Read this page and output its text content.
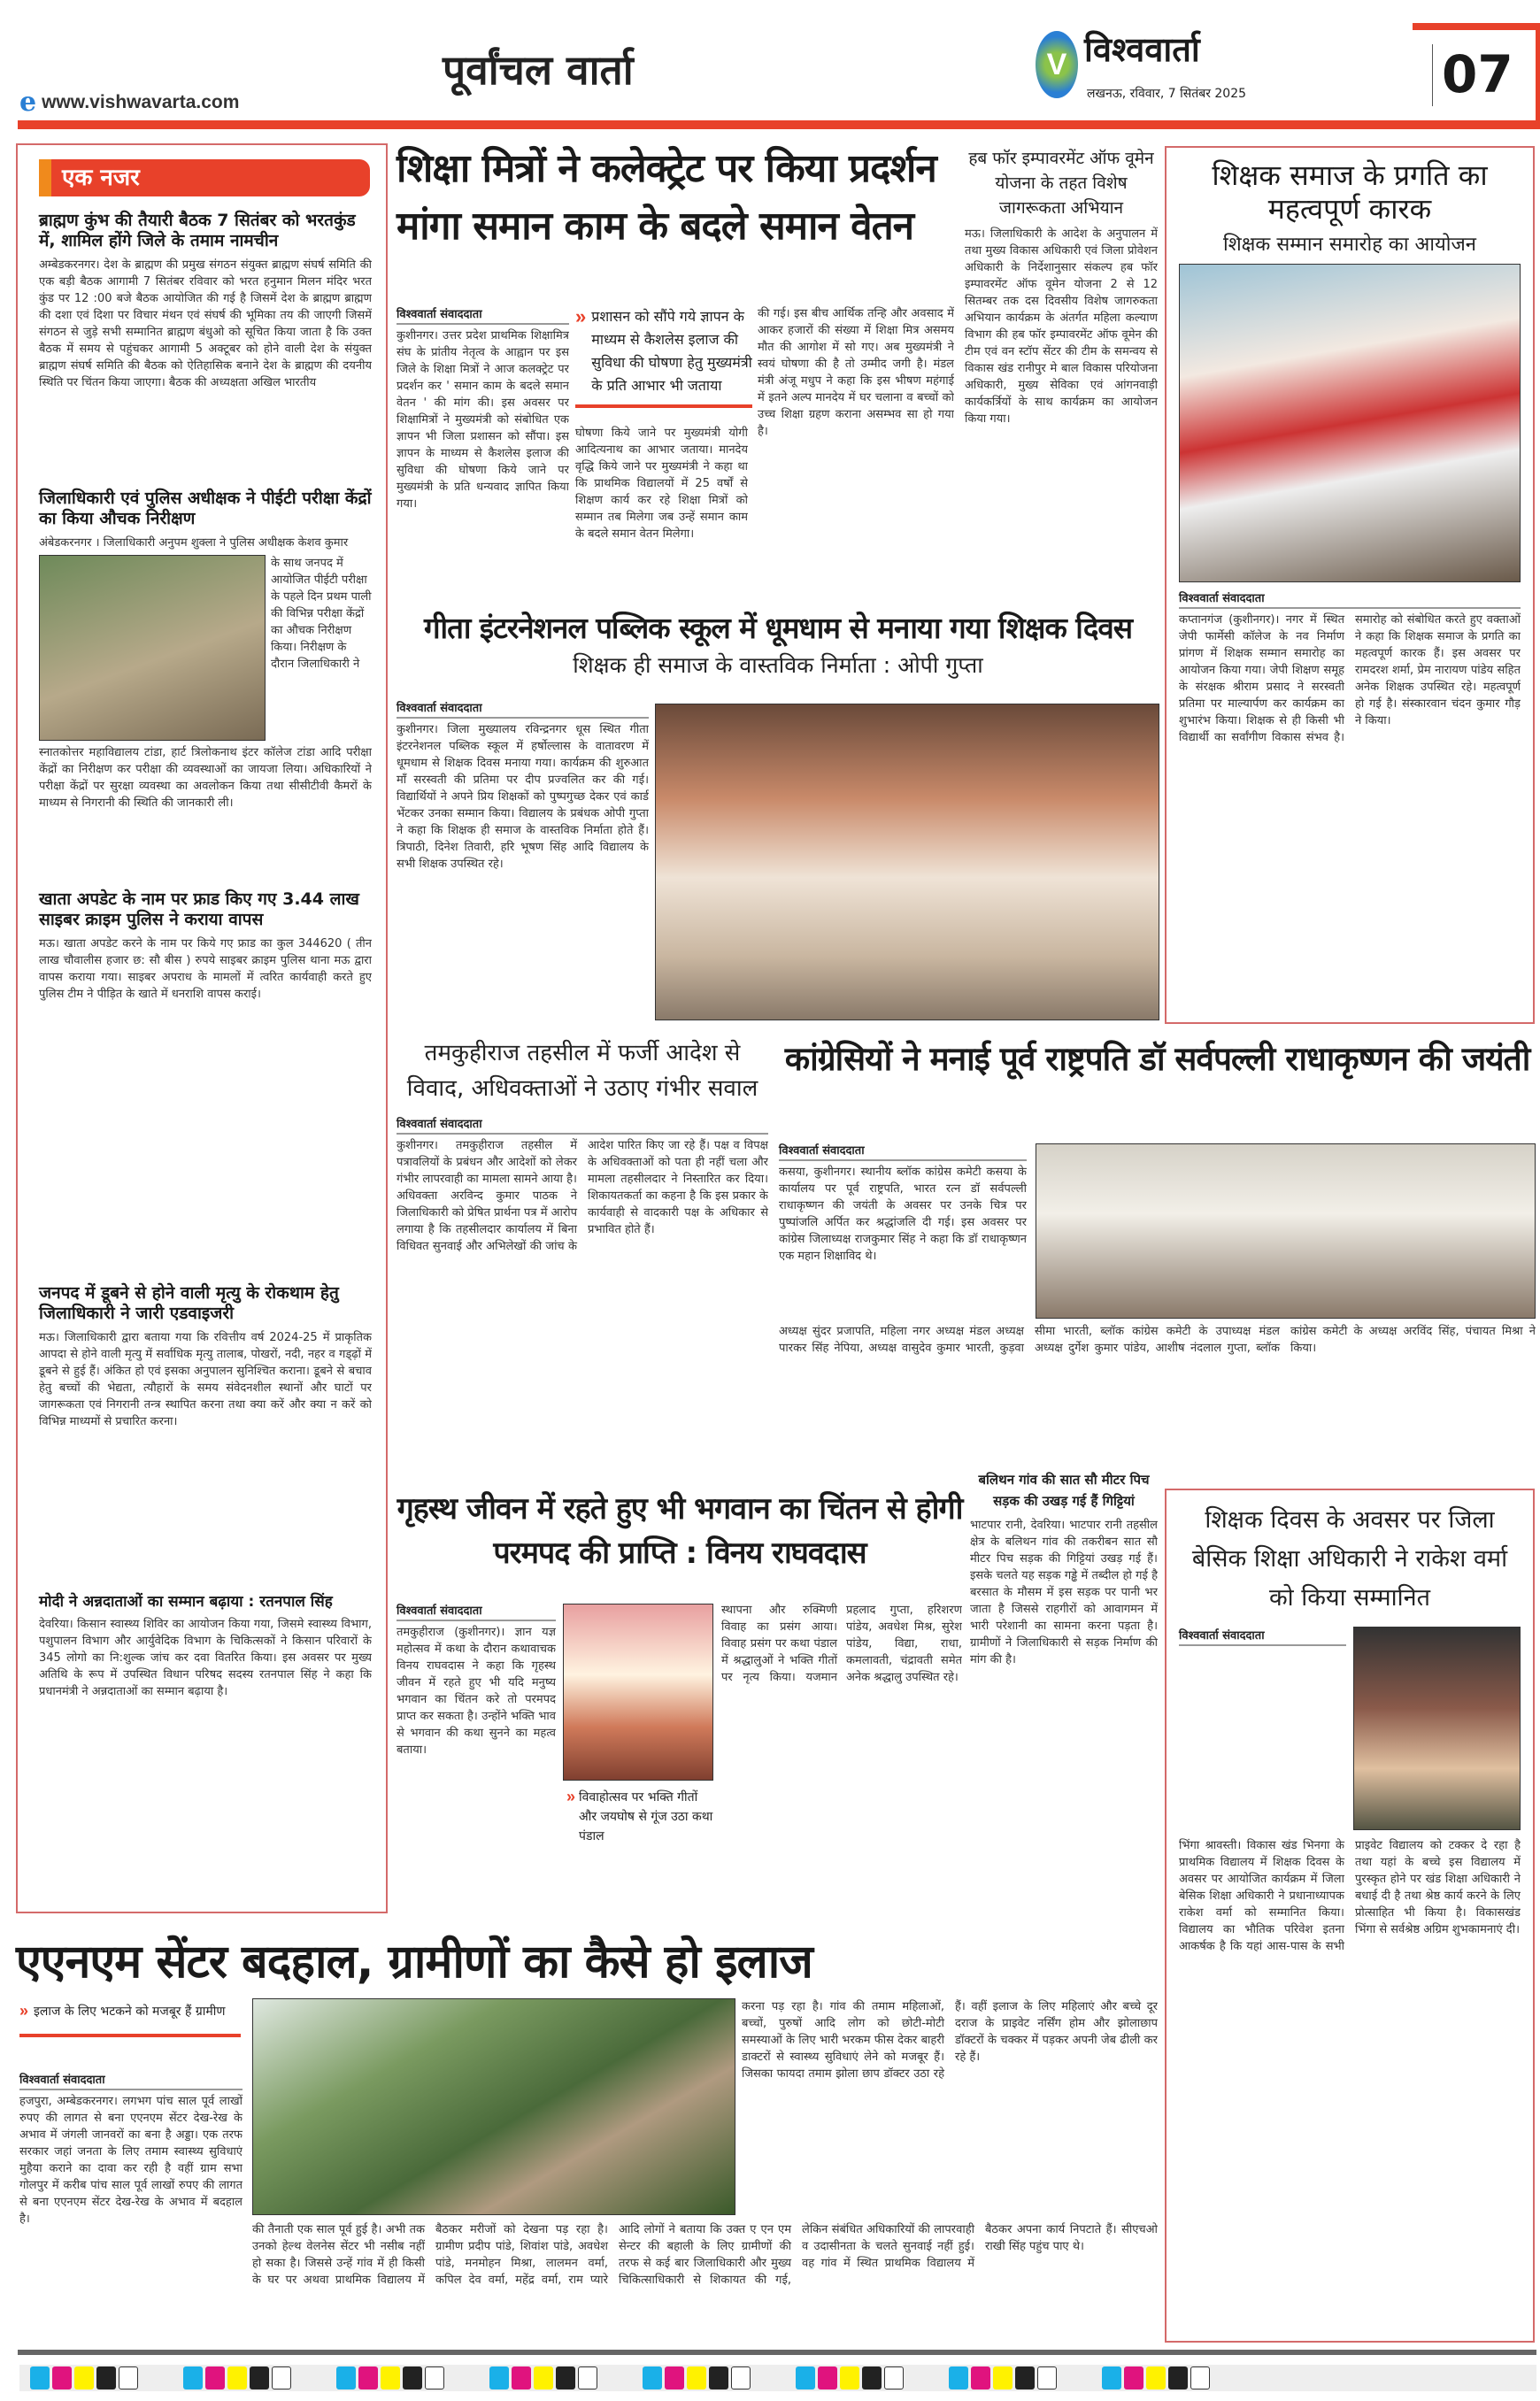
e www.vishwavarta.com
पूर्वांचल वार्ता	V विश्ववार्ता
लखनऊ, रविवार, 7 सितंबर 2025	07
एक नजर
ब्राह्मण कुंभ की तैयारी बैठक 7 सितंबर को भरतकुंड में, शामिल होंगे जिले के तमाम नामचीन
अम्बेडकरनगर। देश के ब्राह्मण की प्रमुख संगठन संयुक्त ब्राह्मण संघर्ष समिति की एक बड़ी बैठक आगामी 7 सितंबर रविवार को भरत हनुमान मिलन मंदिर भरत कुंड पर 12 :00 बजे बैठक आयोजित की गई है जिसमें देश के ब्राह्मण ब्राह्मण की दशा एवं दिशा पर विचार मंथन एवं संघर्ष की भूमिका तय की जाएगी जिसमें संगठन से जुड़े सभी सम्मानित ब्राह्मण बंधुओ को सूचित किया जाता है कि उक्त बैठक में समय से पहुंचकर आगामी 5 अक्टूबर को होने वाली देश के संयुक्त ब्राह्मण संघर्ष समिति की बैठक को ऐतिहासिक बनाने देश के ब्राह्मण की दयनीय स्थिति पर चिंतन किया जाएगा। बैठक की अध्यक्षता अखिल भारतीय
जिलाधिकारी एवं पुलिस अधीक्षक ने पीईटी परीक्षा केंद्रों का किया औचक निरीक्षण
अंबेडकरनगर । जिलाधिकारी अनुपम शुक्ला ने पुलिस अधीक्षक केशव कुमार
के साथ जनपद में आयोजित पीईटी परीक्षा के पहले दिन प्रथम पाली की विभिन्न परीक्षा केंद्रों का औचक निरीक्षण किया। निरीक्षण के दौरान जिलाधिकारी ने
स्नातकोत्तर महाविद्यालय टांडा, हार्ट त्रिलोकनाथ इंटर कॉलेज टांडा आदि परीक्षा केंद्रों का निरीक्षण कर परीक्षा की व्यवस्थाओं का जायजा लिया। अधिकारियों ने परीक्षा केंद्रों पर सुरक्षा व्यवस्था का अवलोकन किया तथा सीसीटीवी कैमरों के माध्यम से निगरानी की स्थिति की जानकारी ली।
खाता अपडेट के नाम पर फ्राड किए गए 3.44 लाख साइबर क्राइम पुलिस ने कराया वापस
मऊ। खाता अपडेट करने के नाम पर किये गए फ्राड का कुल 344620 ( तीन लाख चौवालीस हजार छ: सौ बीस ) रुपये साइबर क्राइम पुलिस थाना मऊ द्वारा वापस कराया गया। साइबर अपराध के मामलों में त्वरित कार्यवाही करते हुए पुलिस टीम ने पीड़ित के खाते में धनराशि वापस कराई।
जनपद में डूबने से होने वाली मृत्यु के रोकथाम हेतु जिलाधिकारी ने जारी एडवाइजरी
मऊ। जिलाधिकारी द्वारा बताया गया कि रवित्तीय वर्ष 2024-25 में प्राकृतिक आपदा से होने वाली मृत्यु में सर्वाधिक मृत्यु तालाब, पोखरों, नदी, नहर व गड्ढ़ों में डूबने से हुई हैं। अंकित हो एवं इसका अनुपालन सुनिश्चित कराना। डूबने से बचाव हेतु बच्चों की भेद्यता, त्यौहारों के समय संवेदनशील स्थानों और घाटों पर जागरूकता एवं निगरानी तन्त्र स्थापित करना तथा क्या करें और क्या न करें को विभिन्न माध्यमों से प्रचारित करना।
मोदी ने अन्नदाताओं का सम्मान बढ़ाया : रतनपाल सिंह
देवरिया। किसान स्वास्थ्य शिविर का आयोजन किया गया, जिसमे स्वास्थ्य विभाग, पशुपालन विभाग और आर्युवेदिक विभाग के चिकित्सकों ने किसान परिवारों के 345 लोगो का नि:शुल्क जांच कर दवा वितरित किया। इस अवसर पर मुख्य अतिथि के रूप में उपस्थित विधान परिषद सदस्य रतनपाल सिंह ने कहा कि प्रधानमंत्री ने अन्नदाताओं का सम्मान बढ़ाया है।
शिक्षा मित्रों ने कलेक्ट्रेट पर किया प्रदर्शन
मांगा समान काम के बदले समान वेतन
विश्ववार्ता संवाददाता
कुशीनगर। उत्तर प्रदेश प्राथमिक शिक्षामित्र संघ के प्रांतीय नेतृत्व के आह्वान पर इस जिले के शिक्षा मित्रों ने आज कलक्ट्रेट पर प्रदर्शन कर ' समान काम के बदले समान वेतन ' की मांग की। इस अवसर पर शिक्षामित्रों ने मुख्यमंत्री को संबोधित एक ज्ञापन भी जिला प्रशासन को सौंपा। इस ज्ञापन के माध्यम से कैशलेस इलाज की सुविधा की घोषणा किये जाने पर मुख्यमंत्री के प्रति धन्यवाद ज्ञापित किया गया।
» प्रशासन को सौंपे गये ज्ञापन के माध्यम से कैशलेस इलाज की सुविधा की घोषणा हेतु मुख्यमंत्री के प्रति आभार भी जताया
घोषणा किये जाने पर मुख्यमंत्री योगी आदित्यनाथ का आभार जताया। मानदेय वृद्धि किये जाने पर मुख्यमंत्री ने कहा था कि प्राथमिक विद्यालयों में 25 वर्षों से शिक्षण कार्य कर रहे शिक्षा मित्रों को सम्मान तब मिलेगा जब उन्हें समान काम के बदले समान वेतन मिलेगा।
की गई। इस बीच आर्थिक तन्हि और अवसाद में आकर हजारों की संख्या में शिक्षा मित्र असमय मौत की आगोश में सो गए। अब मुख्यमंत्री ने स्वयं घोषणा की है तो उम्मीद जगी है। मंडल मंत्री अंजू मधुप ने कहा कि इस भीषण महंगाई में इतने अल्प मानदेय में घर चलाना व बच्चों को उच्च शिक्षा ग्रहण कराना असम्भव सा हो गया है।
हब फॉर इम्पावरमेंट ऑफ वूमेन योजना के तहत विशेष जागरूकता अभियान
मऊ। जिलाधिकारी के आदेश के अनुपालन में तथा मुख्य विकास अधिकारी एवं जिला प्रोवेशन अधिकारी के निर्देशानुसार संकल्प हब फॉर इम्पावरमेंट ऑफ वूमेन योजना 2 से 12 सितम्बर तक दस दिवसीय विशेष जागरुकता अभियान कार्यक्रम के अंतर्गत महिला कल्याण विभाग की हब फॉर इम्पावरमेंट ऑफ वूमेन की टीम एवं वन स्टॉप सेंटर की टीम के समन्वय से विकास खंड रानीपुर मे बाल विकास परियोजना अधिकारी, मुख्य सेविका एवं आंगनवाड़ी कार्यकर्त्रियों के साथ कार्यक्रम का आयोजन किया गया।
गीता इंटरनेशनल पब्लिक स्कूल में धूमधाम से मनाया गया शिक्षक दिवस
शिक्षक ही समाज के वास्तविक निर्माता : ओपी गुप्ता
विश्ववार्ता संवाददाता
कुशीनगर। जिला मुख्यालय रविन्द्रनगर धूस स्थित गीता इंटरनेशनल पब्लिक स्कूल में हर्षोल्लास के वातावरण में धूमधाम से शिक्षक दिवस मनाया गया। कार्यक्रम की शुरुआत माँ सरस्वती की प्रतिमा पर दीप प्रज्वलित कर की गई। विद्यार्थियों ने अपने प्रिय शिक्षकों को पुष्पगुच्छ देकर एवं कार्ड भेंटकर उनका सम्मान किया। विद्यालय के प्रबंधक ओपी गुप्ता ने कहा कि शिक्षक ही समाज के वास्तविक निर्माता होते हैं। त्रिपाठी, दिनेश तिवारी, हरि भूषण सिंह आदि विद्यालय के सभी शिक्षक उपस्थित रहे।
शिक्षक समाज के प्रगति का महत्वपूर्ण कारक
शिक्षक सम्मान समारोह का आयोजन
विश्ववार्ता संवाददाता
कप्तानगंज (कुशीनगर)। नगर में स्थित जेपी फार्मेसी कॉलेज के नव निर्माण प्रांगण में शिक्षक सम्मान समारोह का आयोजन किया गया। जेपी शिक्षण समूह के संरक्षक श्रीराम प्रसाद ने सरस्वती प्रतिमा पर माल्यार्पण कर कार्यक्रम का शुभारंभ किया। शिक्षक से ही किसी भी विद्यार्थी का सर्वांगीण विकास संभव है। समारोह को संबोधित करते हुए वक्ताओं ने कहा कि शिक्षक समाज के प्रगति का महत्वपूर्ण कारक हैं। इस अवसर पर रामदरश शर्मा, प्रेम नारायण पांडेय सहित अनेक शिक्षक उपस्थित रहे। महत्वपूर्ण हो गई है। संस्कारवान चंदन कुमार गौड़ ने किया।
तमकुहीराज तहसील में फर्जी आदेश से विवाद, अधिवक्ताओं ने उठाए गंभीर सवाल
विश्ववार्ता संवाददाता
कुशीनगर। तमकुहीराज तहसील में पत्रावलियों के प्रबंधन और आदेशों को लेकर गंभीर लापरवाही का मामला सामने आया है। अधिवक्ता अरविन्द कुमार पाठक ने जिलाधिकारी को प्रेषित प्रार्थना पत्र में आरोप लगाया है कि तहसीलदार कार्यालय में बिना विधिवत सुनवाई और अभिलेखों की जांच के आदेश पारित किए जा रहे हैं। पक्ष व विपक्ष के अधिवक्ताओं को पता ही नहीं चला और मामला तहसीलदार ने निस्तारित कर दिया। शिकायतकर्ता का कहना है कि इस प्रकार के कार्यवाही से वादकारी पक्ष के अधिकार से प्रभावित होते हैं।
कांग्रेसियों ने मनाई पूर्व राष्ट्रपति डॉ सर्वपल्ली राधाकृष्णन की जयंती
विश्ववार्ता संवाददाता
कसया, कुशीनगर। स्थानीय ब्लॉक कांग्रेस कमेटी कसया के कार्यालय पर पूर्व राष्ट्रपति, भारत रत्न डॉ सर्वपल्ली राधाकृष्णन की जयंती के अवसर पर उनके चित्र पर पुष्पांजलि अर्पित कर श्रद्धांजलि दी गई। इस अवसर पर कांग्रेस जिलाध्यक्ष राजकुमार सिंह ने कहा कि डॉ राधाकृष्णन एक महान शिक्षाविद थे।
अध्यक्ष सुंदर प्रजापति, महिला नगर अध्यक्ष मंडल अध्यक्ष पारकर सिंह नेपिया, अध्यक्ष वासुदेव कुमार भारती, कुड़वा सीमा भारती, ब्लॉक कांग्रेस कमेटी के उपाध्यक्ष मंडल अध्यक्ष दुर्गेश कुमार पांडेय, आशीष नंदलाल गुप्ता, ब्लॉक कांग्रेस कमेटी के अध्यक्ष अरविंद सिंह, पंचायत मिश्रा ने किया।
गृहस्थ जीवन में रहते हुए भी भगवान का चिंतन से होगी परमपद की प्राप्ति : विनय राघवदास
विश्ववार्ता संवाददाता
तमकुहीराज (कुशीनगर)। ज्ञान यज्ञ महोत्सव में कथा के दौरान कथावाचक विनय राघवदास ने कहा कि गृहस्थ जीवन में रहते हुए भी यदि मनुष्य भगवान का चिंतन करे तो परमपद प्राप्त कर सकता है। उन्होंने भक्ति भाव से भगवान की कथा सुनने का महत्व बताया।
» विवाहोत्सव पर भक्ति गीतों और जयघोष से गूंज उठा कथा पंडाल
स्थापना और रुक्मिणी विवाह का प्रसंग आया। विवाह प्रसंग पर कथा पंडाल में श्रद्धालुओं ने भक्ति गीतों पर नृत्य किया। यजमान प्रहलाद गुप्ता, हरिशरण पांडेय, अवधेश मिश्र, सुरेश पांडेय, विद्या, राधा, कमलावती, चंद्रावती समेत अनेक श्रद्धालु उपस्थित रहे।
बलिथन गांव की सात सौ मीटर पिच सड़क की उखड़ गई हैं गिट्टियां
भाटपार रानी, देवरिया। भाटपार रानी तहसील क्षेत्र के बलिथन गांव की तकरीबन सात सौ मीटर पिच सड़क की गिट्टियां उखड़ गई हैं। इसके चलते यह सड़क गड्ढे में तब्दील हो गई है बरसात के मौसम में इस सड़क पर पानी भर जाता है जिससे राहगीरों को आवागमन में भारी परेशानी का सामना करना पड़ता है। ग्रामीणों ने जिलाधिकारी से सड़क निर्माण की मांग की है।
शिक्षक दिवस के अवसर पर जिला बेसिक शिक्षा अधिकारी ने राकेश वर्मा को किया सम्मानित
विश्ववार्ता संवाददाता
भिंगा श्रावस्ती। विकास खंड भिनगा के प्राथमिक विद्यालय में शिक्षक दिवस के अवसर पर आयोजित कार्यक्रम में जिला बेसिक शिक्षा अधिकारी ने प्रधानाध्यापक राकेश वर्मा को सम्मानित किया। विद्यालय का भौतिक परिवेश इतना आकर्षक है कि यहां आस-पास के सभी प्राइवेट विद्यालय को टक्कर दे रहा है तथा यहां के बच्चे इस विद्यालय में पुरस्कृत होने पर खंड शिक्षा अधिकारी ने बधाई दी है तथा श्रेष्ठ कार्य करने के लिए प्रोत्साहित भी किया है। विकासखंड भिंगा से सर्वश्रेष्ठ अग्रिम शुभकामनाएं दी।
एएनएम सेंटर बदहाल, ग्रामीणों का कैसे हो इलाज
» इलाज के लिए भटकने को मजबूर हैं ग्रामीण
विश्ववार्ता संवाददाता
हजपुरा, अम्बेडकरनगर। लगभग पांच साल पूर्व लाखों रुपए की लागत से बना एएनएम सेंटर देख-रेख के अभाव में जंगली जानवरों का बना है अड्डा। एक तरफ सरकार जहां जनता के लिए तमाम स्वास्थ्य सुविधाएं मुहैया कराने का दावा कर रही है वहीं ग्राम सभा गोलपुर में करीब पांच साल पूर्व लाखों रुपए की लागत से बना एएनएम सेंटर देख-रेख के अभाव में बदहाल है।
करना पड़ रहा है। गांव की तमाम महिलाओं, बच्चों, पुरुषों आदि लोग को छोटी-मोटी समस्याओं के लिए भारी भरकम फीस देकर बाहरी डाक्टरों से स्वास्थ्य सुविधाएं लेने को मजबूर हैं। जिसका फायदा तमाम झोला छाप डॉक्टर उठा रहे हैं। वहीं इलाज के लिए महिलाएं और बच्चे दूर दराज के प्राइवेट नर्सिंग होम और झोलाछाप डॉक्टरों के चक्कर में पड़कर अपनी जेब ढीली कर रहे हैं।
की तैनाती एक साल पूर्व हुई है। अभी तक उनको हेल्थ वेलनेस सेंटर भी नसीब नहीं हो सका है। जिससे उन्हें गांव में ही किसी के घर पर अथवा प्राथमिक विद्यालय में बैठकर मरीजों को देखना पड़ रहा है। ग्रामीण प्रदीप पांडे, शिवांश पांडे, अवधेश पांडे, मनमोहन मिश्रा, लालमन वर्मा, कपिल देव वर्मा, महेंद्र वर्मा, राम प्यारे आदि लोगों ने बताया कि उक्त ए एन एम सेन्टर की बहाली के लिए ग्रामीणों की तरफ से कई बार जिलाधिकारी और मुख्य चिकित्साधिकारी से शिकायत की गई, लेकिन संबंधित अधिकारियों की लापरवाही व उदासीनता के चलते सुनवाई नहीं हुई। वह गांव में स्थित प्राथमिक विद्यालय में बैठकर अपना कार्य निपटाते हैं। सीएचओ राखी सिंह पहुंच पाए थे।
